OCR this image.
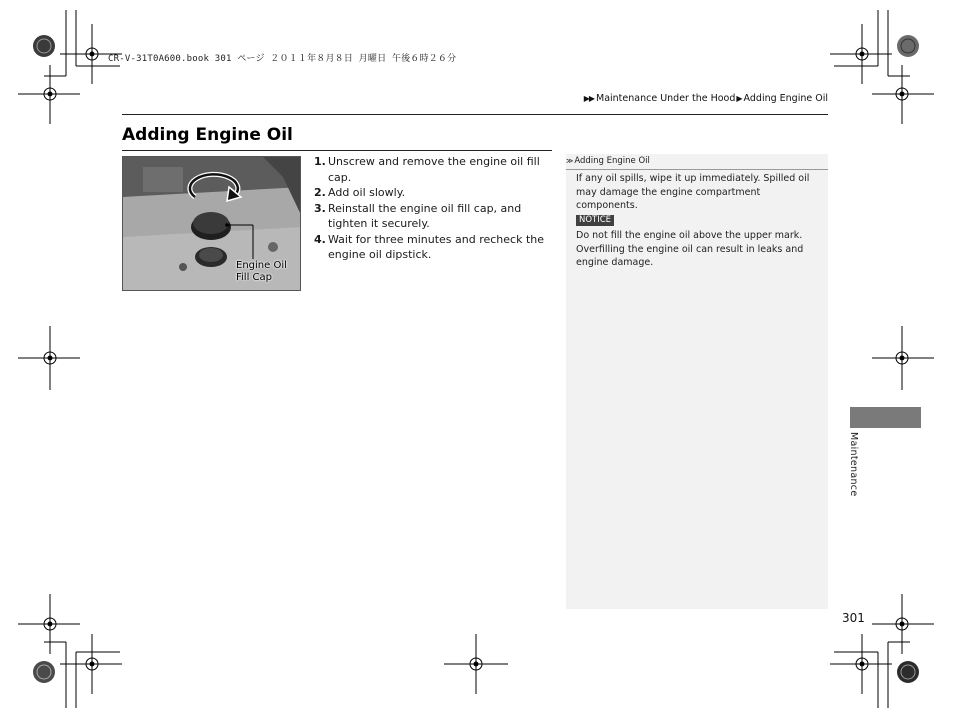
CR-V-31T0A600.book 301 ページ ２０１１年８月８日 月曜日 午後６時２６分
▶▶ Maintenance Under the Hood▶ Adding Engine Oil
Adding Engine Oil
Engine Oil
Fill Cap
1. Unscrew and remove the engine oil fill cap.
2. Add oil slowly.
3. Reinstall the engine oil fill cap, and tighten it securely.
4. Wait for three minutes and recheck the engine oil dipstick.
≫Adding Engine Oil
If any oil spills, wipe it up immediately. Spilled oil may damage the engine compartment components.
NOTICE
Do not fill the engine oil above the upper mark. Overfilling the engine oil can result in leaks and engine damage.
Maintenance
301
